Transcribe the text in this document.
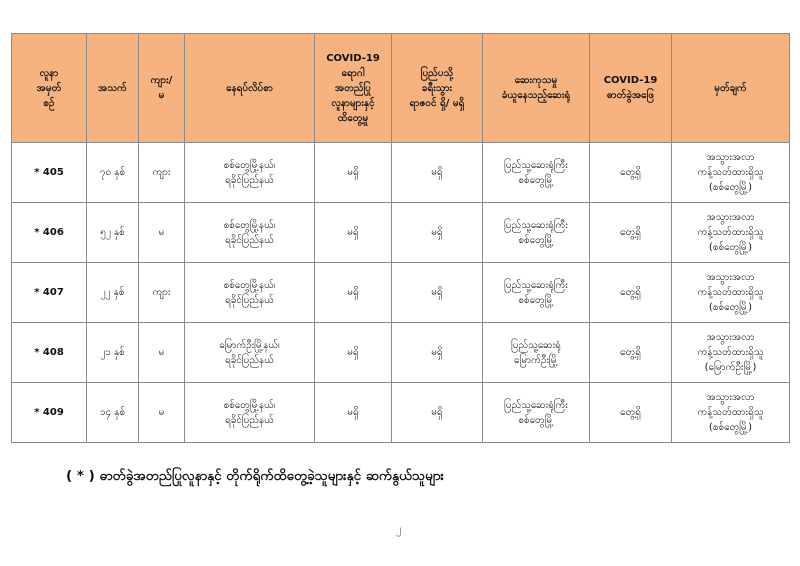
လူနာ
အမှတ်
စဉ်	အသက်	ကျား/
မ	နေရပ်လိပ်စာ	COVID-19
ရောဂါ
အတည်ပြု
လူနာများနှင့်
ထိတွေ့မှု	ပြည်ပသို့
ခရီးသွား
ရာဇဝင် ရှိ/ မရှိ	ဆေးကုသမှု
ခံယူနေသည့်ဆေးရုံ	COVID-19
ဓာတ်ခွဲအဖြေ	မှတ်ချက်
* 405	၇၀ နှစ်	ကျား	စစ်တွေမြို့နယ်၊
ရခိုင်ပြည်နယ်	မရှိ	မရှိ	ပြည်သူ့ဆေးရုံကြီး
စစ်တွေမြို့	တွေ့ရှိ	အသွားအလာ
ကန့်သတ်ထားရှိသူ
(စစ်တွေမြို့)
* 406	၅၂ နှစ်	မ	စစ်တွေမြို့နယ်၊
ရခိုင်ပြည်နယ်	မရှိ	မရှိ	ပြည်သူ့ဆေးရုံကြီး
စစ်တွေမြို့	တွေ့ရှိ	အသွားအလာ
ကန့်သတ်ထားရှိသူ
(စစ်တွေမြို့)
* 407	၂၂ နှစ်	ကျား	စစ်တွေမြို့နယ်၊
ရခိုင်ပြည်နယ်	မရှိ	မရှိ	ပြည်သူ့ဆေးရုံကြီး
စစ်တွေမြို့	တွေ့ရှိ	အသွားအလာ
ကန့်သတ်ထားရှိသူ
(စစ်တွေမြို့)
* 408	၂၁ နှစ်	မ	မြောက်ဦးမြို့နယ်၊
ရခိုင်ပြည်နယ်	မရှိ	မရှိ	ပြည်သူ့ဆေးရုံ
မြောက်ဦးမြို့	တွေ့ရှိ	အသွားအလာ
ကန့်သတ်ထားရှိသူ
(မြောက်ဦးမြို့)
* 409	၁၄ နှစ်	မ	စစ်တွေမြို့နယ်၊
ရခိုင်ပြည်နယ်	မရှိ	မရှိ	ပြည်သူ့ဆေးရုံကြီး
စစ်တွေမြို့	တွေ့ရှိ	အသွားအလာ
ကန့်သတ်ထားရှိသူ
(စစ်တွေမြို့)
( * ) ဓာတ်ခွဲအတည်ပြုလူနာနှင့် တိုက်ရိုက်ထိတွေ့ခဲ့သူများနှင့် ဆက်နွယ်သူများ
၂
